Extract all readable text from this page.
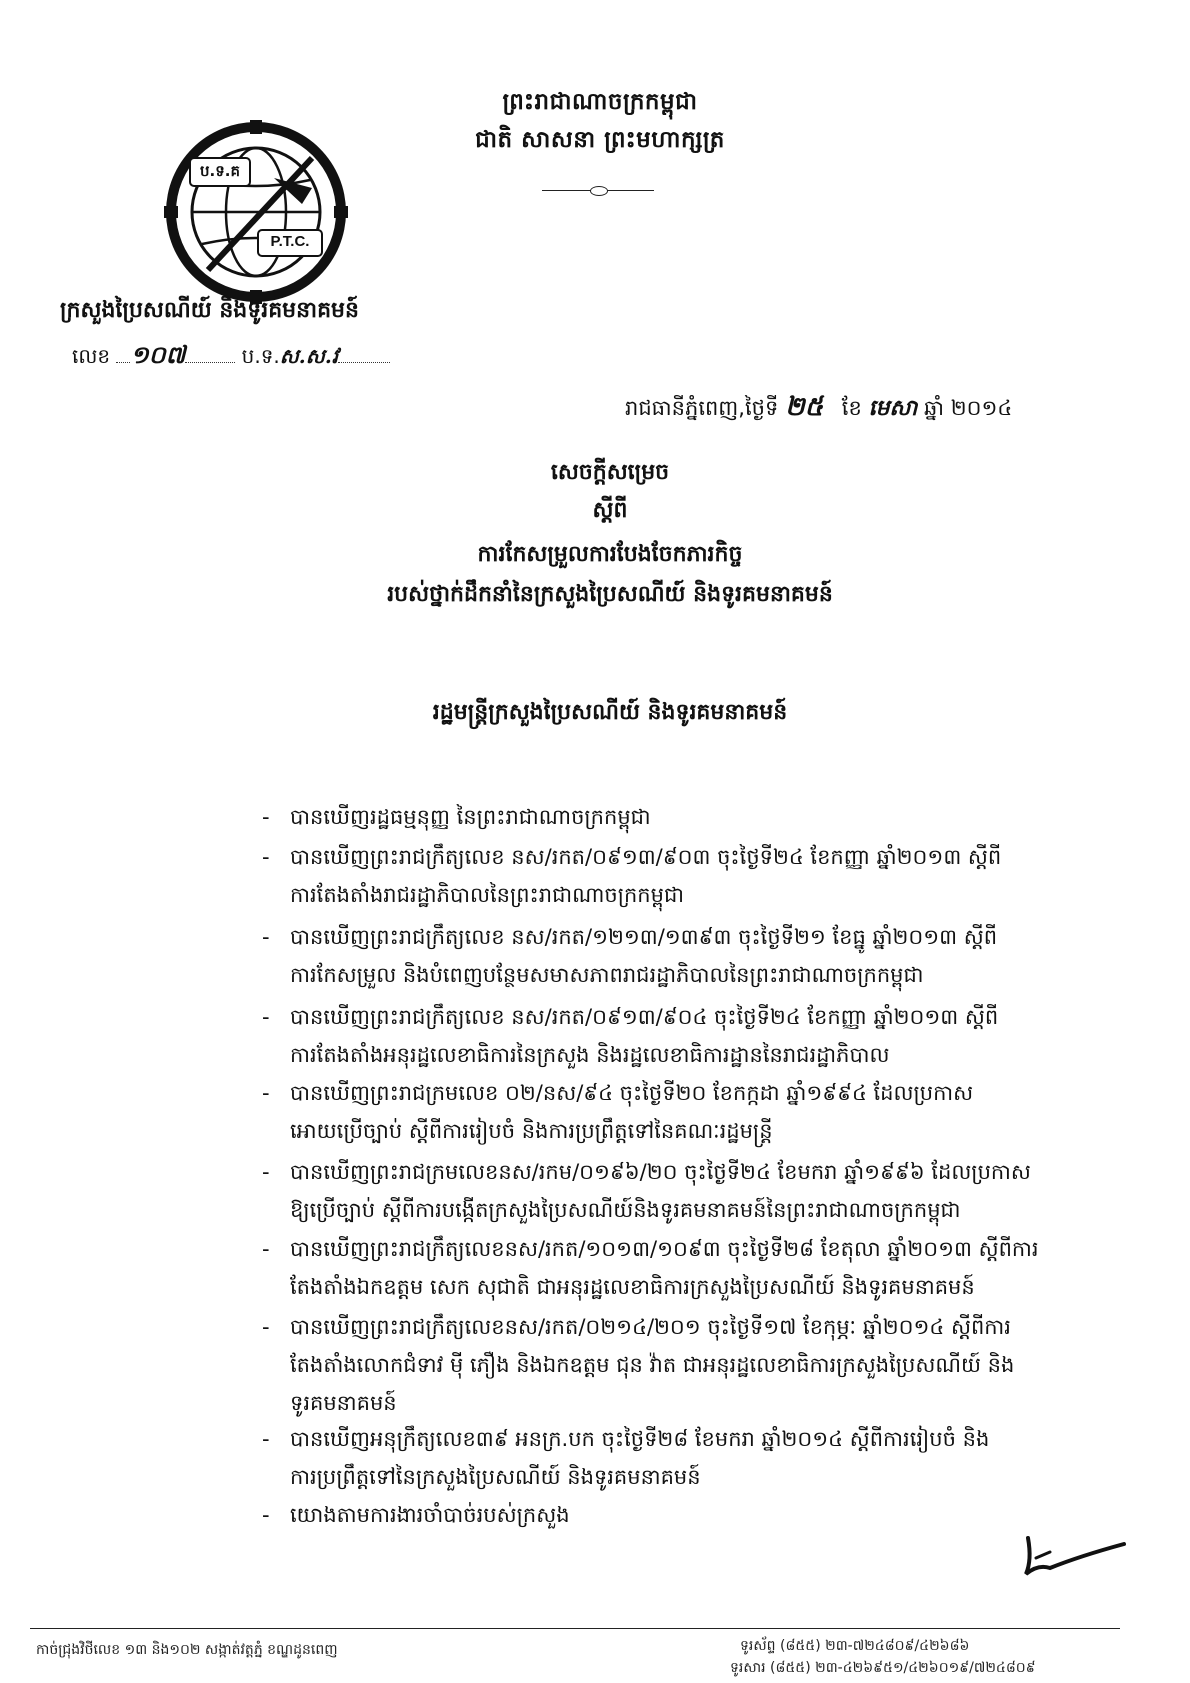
ព្រះរាជាណាចក្រកម្ពុជា
ជាតិ សាសនា ព្រះមហាក្សត្រ
ប.ទ.គ
P.T.C.
ក្រសួងប្រៃសណីយ៍ និងទូរគមនាគមន៍
លេខ ១០៧	ប.ទ.ស.ស.វ
រាជធានីភ្នំពេញ,ថ្ងៃទី ២៥ ខែ មេសា ឆ្នាំ ២០១៤
សេចក្តីសម្រេច
ស្តីពី
ការកែសម្រួលការបែងចែកភារកិច្ច
របស់ថ្នាក់ដឹកនាំនៃក្រសួងប្រៃសណីយ៍ និងទូរគមនាគមន៍
រដ្ឋមន្ត្រីក្រសួងប្រៃសណីយ៍ និងទូរគមនាគមន៍
- បានឃើញរដ្ឋធម្មនុញ្ញ នៃព្រះរាជាណាចក្រកម្ពុជា
- បានឃើញព្រះរាជក្រឹត្យលេខ នស/រកត/០៩១៣/៩០៣ ចុះថ្ងៃទី២៤ ខែកញ្ញា ឆ្នាំ២០១៣ ស្តីពី
ការតែងតាំងរាជរដ្ឋាភិបាលនៃព្រះរាជាណាចក្រកម្ពុជា
- បានឃើញព្រះរាជក្រឹត្យលេខ នស/រកត/១២១៣/១៣៩៣ ចុះថ្ងៃទី២១ ខែធ្នូ ឆ្នាំ២០១៣ ស្តីពី
ការកែសម្រួល និងបំពេញបន្ថែមសមាសភាពរាជរដ្ឋាភិបាលនៃព្រះរាជាណាចក្រកម្ពុជា
- បានឃើញព្រះរាជក្រឹត្យលេខ នស/រកត/០៩១៣/៩០៤ ចុះថ្ងៃទី២៤ ខែកញ្ញា ឆ្នាំ២០១៣ ស្តីពី
ការតែងតាំងអនុរដ្ឋលេខាធិការនៃក្រសួង និងរដ្ឋលេខាធិការដ្ឋាននៃរាជរដ្ឋាភិបាល
- បានឃើញព្រះរាជក្រមលេខ ០២/នស/៩៤ ចុះថ្ងៃទី២០ ខែកក្កដា ឆ្នាំ១៩៩៤ ដែលប្រកាស
អោយប្រើច្បាប់ ស្តីពីការរៀបចំ និងការប្រព្រឹត្តទៅនៃគណៈរដ្ឋមន្ត្រី
- បានឃើញព្រះរាជក្រមលេខនស/រកម/០១៩៦/២០ ចុះថ្ងៃទី២៤ ខែមករា ឆ្នាំ១៩៩៦ ដែលប្រកាស
ឱ្យប្រើច្បាប់ ស្តីពីការបង្កើតក្រសួងប្រៃសណីយ៍និងទូរគមនាគមន៍នៃព្រះរាជាណាចក្រកម្ពុជា
- បានឃើញព្រះរាជក្រឹត្យលេខនស/រកត/១០១៣/១០៩៣ ចុះថ្ងៃទី២៨ ខែតុលា ឆ្នាំ២០១៣ ស្តីពីការ
តែងតាំងឯកឧត្តម សេក សុជាតិ ជាអនុរដ្ឋលេខាធិការក្រសួងប្រៃសណីយ៍ និងទូរគមនាគមន៍
- បានឃើញព្រះរាជក្រឹត្យលេខនស/រកត/០២១៤/២០១ ចុះថ្ងៃទី១៧ ខែកុម្ភៈ ឆ្នាំ២០១៤ ស្តីពីការ
តែងតាំងលោកជំទាវ ម៉ី ភឿង និងឯកឧត្តម ជុន វ៉ាត ជាអនុរដ្ឋលេខាធិការក្រសួងប្រៃសណីយ៍ និង
ទូរគមនាគមន៍
- បានឃើញអនុក្រឹត្យលេខ៣៩ អនក្រ.បក ចុះថ្ងៃទី២៨ ខែមករា ឆ្នាំ២០១៤ ស្តីពីការរៀបចំ និង
ការប្រព្រឹត្តទៅនៃក្រសួងប្រៃសណីយ៍ និងទូរគមនាគមន៍
- យោងតាមការងារចាំបាច់របស់ក្រសួង
កាច់ជ្រុងវិថីលេខ ១៣ និង១០២ សង្កាត់វត្តភ្នំ ខណ្ឌដូនពេញ	ទូរស័ព្ទ (៨៥៥) ២៣-៧២៤៨០៩/៤២៦៨៦
ទូរសារ (៨៥៥) ២៣-៤២៦៩៥១/៤២៦០១៩/៧២៤៨០៩
